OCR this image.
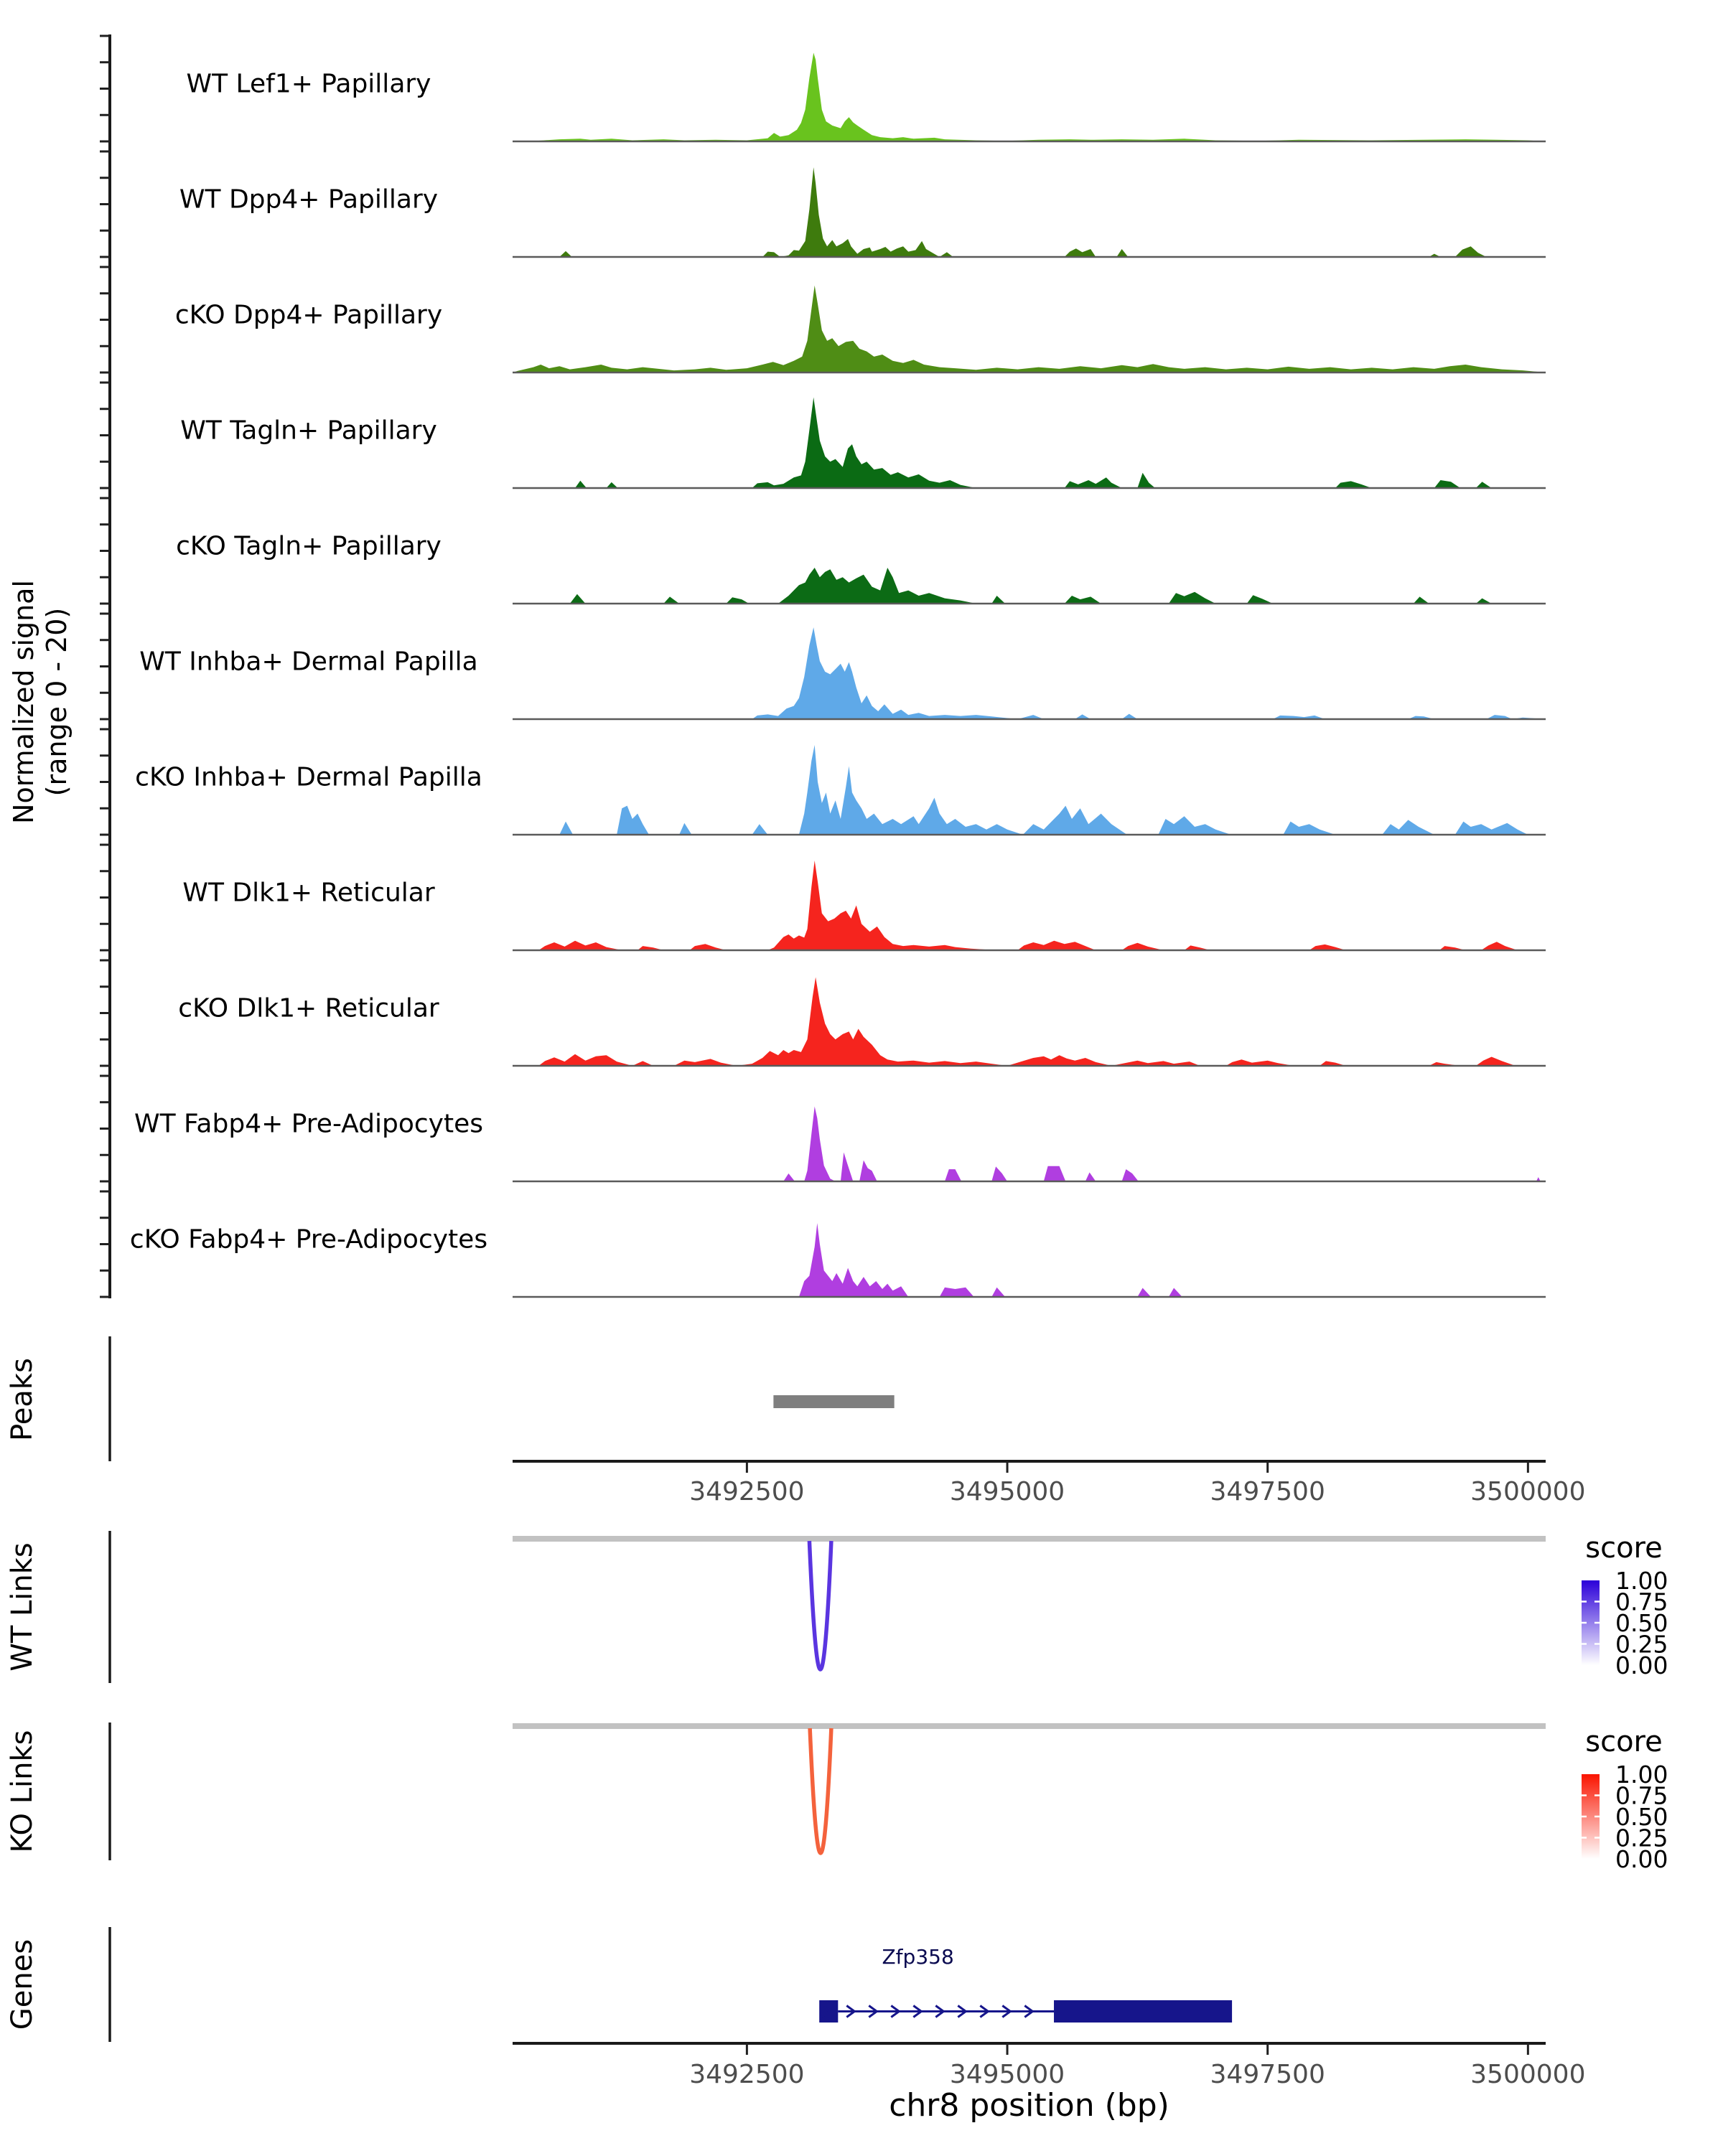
Normalized signal (range 0 - 20)
WT Lef1+ Papillary
WT Dpp4+ Papillary
cKO Dpp4+ Papillary
WT Tagln+ Papillary
cKO Tagln+ Papillary
WT Inhba+ Dermal Papilla
cKO Inhba+ Dermal Papilla
WT Dlk1+ Reticular
cKO Dlk1+ Reticular
WT Fabp4+ Pre-Adipocytes
cKO Fabp4+ Pre-Adipocytes
Peaks
3492500	3495000	3497500	3500000
WT Links	score
1.00
0.75
0.50
0.25
0.00
KO Links	score
1.00
0.75
0.50
0.25
0.00
Genes	Zfp358
3492500	3495000	3497500	3500000
chr8 position (bp)
